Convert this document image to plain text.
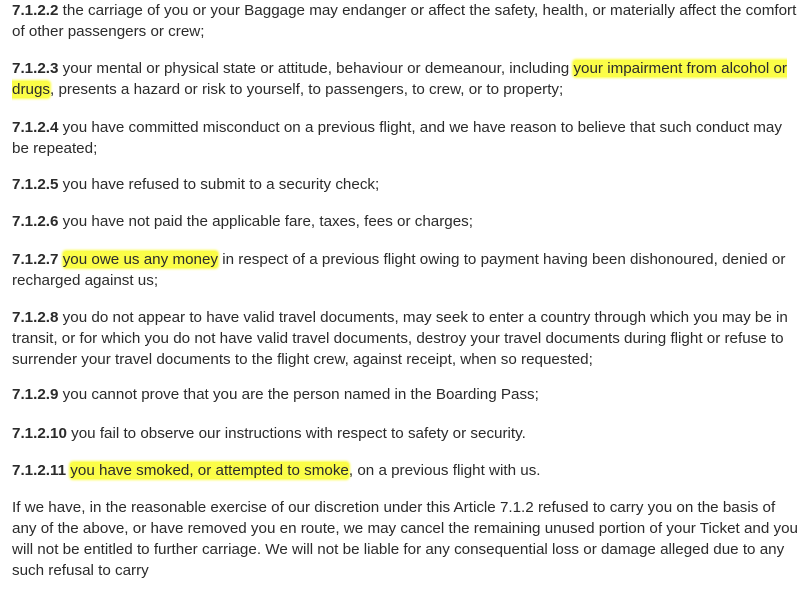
7.1.2.2 the carriage of you or your Baggage may endanger or affect the safety, health, or materially affect the comfort of other passengers or crew;

7.1.2.3 your mental or physical state or attitude, behaviour or demeanour, including your impairment from alcohol or drugs, presents a hazard or risk to yourself, to passengers, to crew, or to property;

7.1.2.4 you have committed misconduct on a previous flight, and we have reason to believe that such conduct may be repeated;

7.1.2.5 you have refused to submit to a security check;

7.1.2.6 you have not paid the applicable fare, taxes, fees or charges;

7.1.2.7 you owe us any money in respect of a previous flight owing to payment having been dishonoured, denied or recharged against us;

7.1.2.8 you do not appear to have valid travel documents, may seek to enter a country through which you may be in transit, or for which you do not have valid travel documents, destroy your travel documents during flight or refuse to surrender your travel documents to the flight crew, against receipt, when so requested;

7.1.2.9 you cannot prove that you are the person named in the Boarding Pass;

7.1.2.10 you fail to observe our instructions with respect to safety or security.

7.1.2.11 you have smoked, or attempted to smoke, on a previous flight with us.

If we have, in the reasonable exercise of our discretion under this Article 7.1.2 refused to carry you on the basis of any of the above, or have removed you en route, we may cancel the remaining unused portion of your Ticket and you will not be entitled to further carriage. We will not be liable for any consequential loss or damage alleged due to any such refusal to carry
